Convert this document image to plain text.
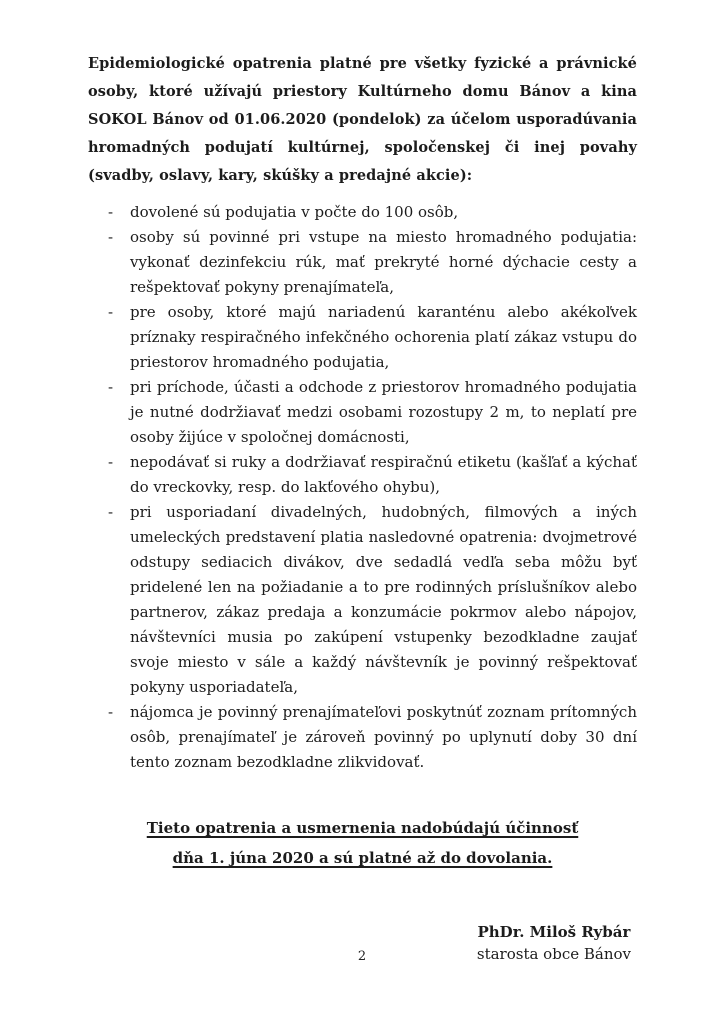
Epidemiologické opatrenia platné pre všetky fyzické a právnické osoby, ktoré užívajú priestory Kultúrneho domu Bánov a kina SOKOL Bánov od 01.06.2020 (pondelok) za účelom usporadúvania hromadných podujatí kultúrnej, spoločenskej či inej povahy (svadby, oslavy, kary, skúšky a predajné akcie):

- dovolené sú podujatia v počte do 100 osôb,
- osoby sú povinné pri vstupe na miesto hromadného podujatia: vykonať dezinfekciu rúk, mať prekryté horné dýchacie cesty a rešpektovať pokyny prenajímateľa,
- pre osoby, ktoré majú nariadenú karanténu alebo akékoľvek príznaky respiračného infekčného ochorenia platí zákaz vstupu do priestorov hromadného podujatia,
- pri príchode, účasti a odchode z priestorov hromadného podujatia je nutné dodržiavať medzi osobami rozostupy 2 m, to neplatí pre osoby žijúce v spoločnej domácnosti,
- nepodávať si ruky a dodržiavať respiračnú etiketu (kašľať a kýchať do vreckovky, resp. do lakťového ohybu),
- pri usporiadaní divadelných, hudobných, filmových a iných umeleckých predstavení platia nasledovné opatrenia: dvojmetrové odstupy sediacich divákov, dve sedadlá vedľa seba môžu byť pridelené len na požiadanie a to pre rodinných príslušníkov alebo partnerov, zákaz predaja a konzumácie pokrmov alebo nápojov, návštevníci musia po zakúpení vstupenky bezodkladne zaujať svoje miesto v sále a každý návštevník je povinný rešpektovať pokyny usporiadateľa,
- nájomca je povinný prenajímateľovi poskytnúť zoznam prítomných osôb, prenajímateľ je zároveň povinný po uplynutí doby 30 dní tento zoznam bezodkladne zlikvidovať.
Tieto opatrenia a usmernenia nadobúdajú účinnosť
dňa 1. júna 2020 a sú platné až do dovolania.
PhDr. Miloš Rybár
starosta obce Bánov
2
